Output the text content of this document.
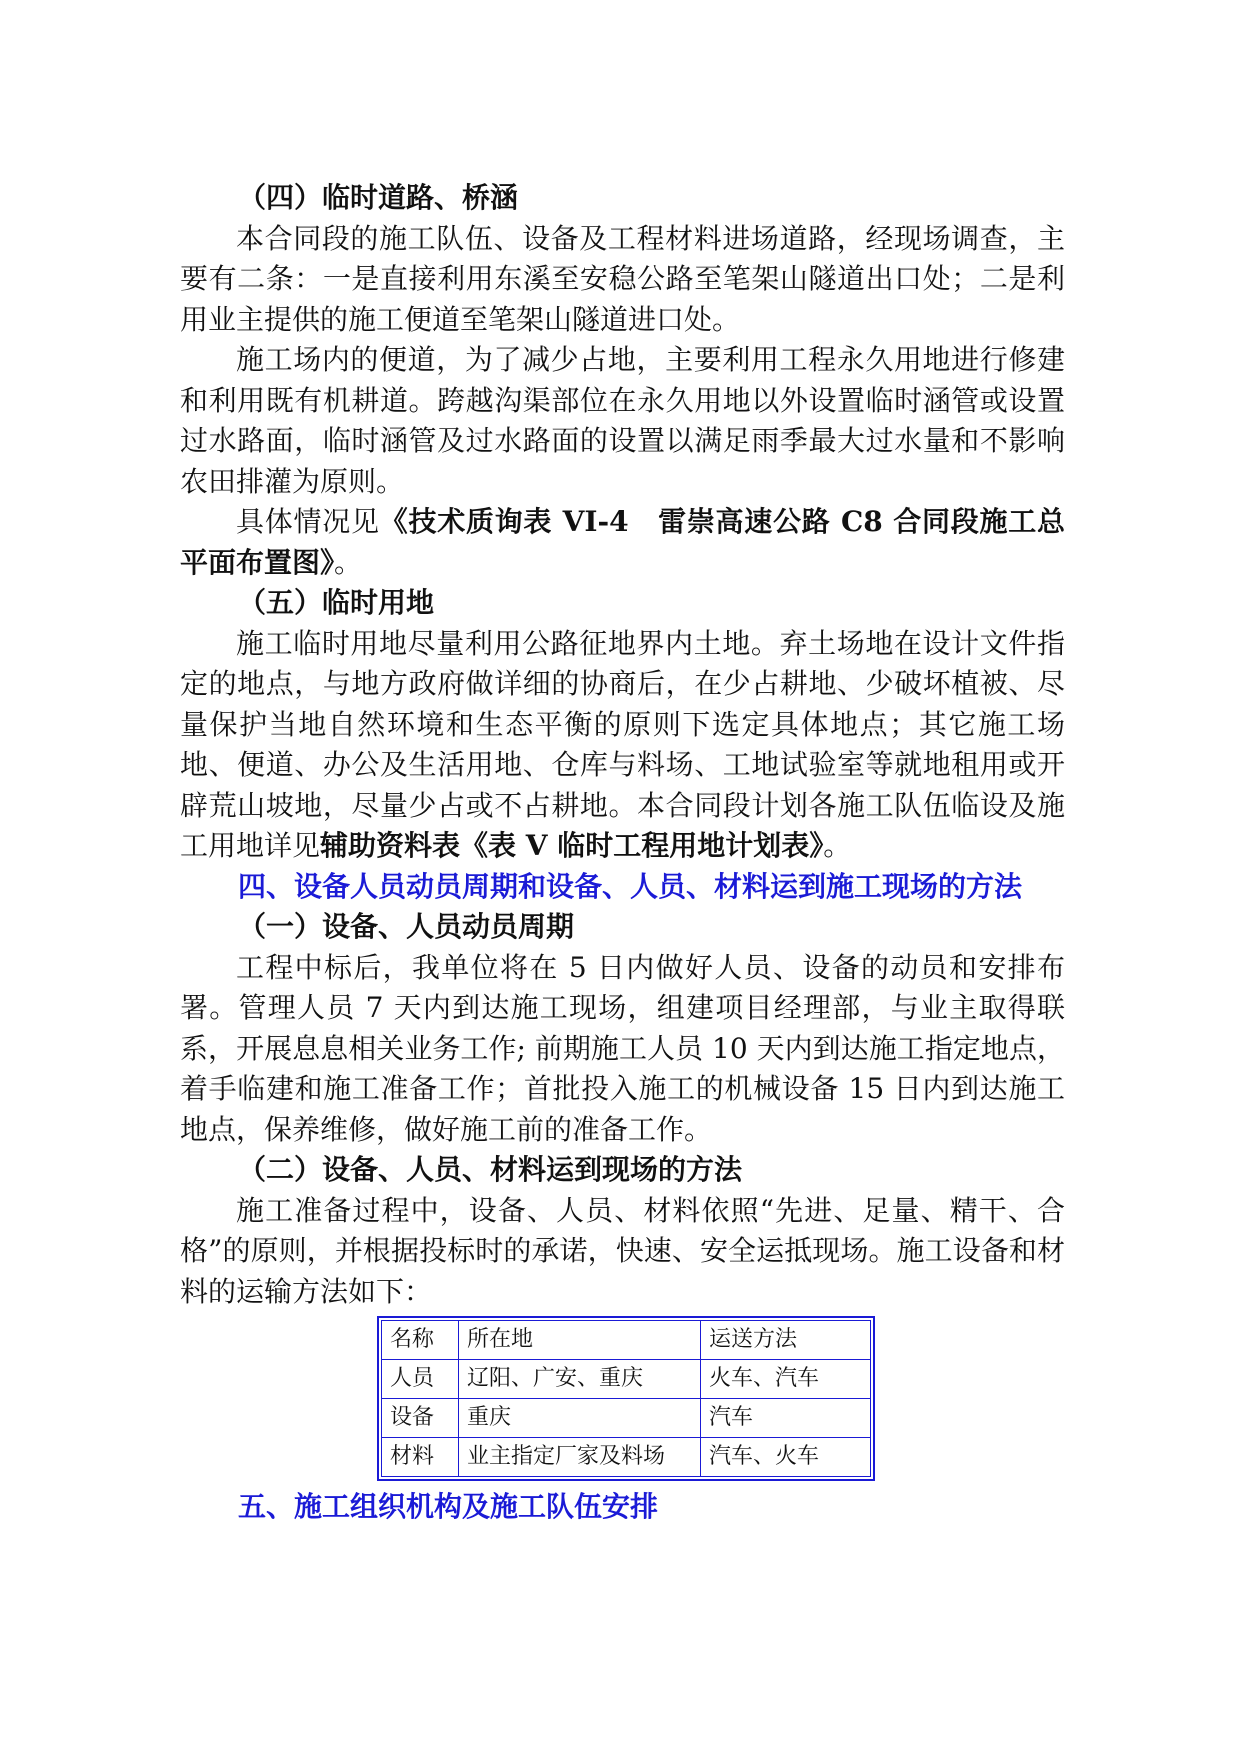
（四）临时道路、桥涵

本合同段的施工队伍、设备及工程材料进场道路，经现场调查，主要有二条：一是直接利用东溪至安稳公路至笔架山隧道出口处；二是利用业主提供的施工便道至笔架山隧道进口处。

施工场内的便道，为了减少占地，主要利用工程永久用地进行修建和利用既有机耕道。跨越沟渠部位在永久用地以外设置临时涵管或设置过水路面，临时涵管及过水路面的设置以满足雨季最大过水量和不影响农田排灌为原则。

具体情况见《技术质询表 VI-4　雷崇高速公路 C8 合同段施工总平面布置图》。

（五）临时用地

施工临时用地尽量利用公路征地界内土地。弃土场地在设计文件指定的地点，与地方政府做详细的协商后，在少占耕地、少破坏植被、尽量保护当地自然环境和生态平衡的原则下选定具体地点；其它施工场地、便道、办公及生活用地、仓库与料场、工地试验室等就地租用或开辟荒山坡地，尽量少占或不占耕地。本合同段计划各施工队伍临设及施工用地详见辅助资料表《表 V 临时工程用地计划表》。

四、设备人员动员周期和设备、人员、材料运到施工现场的方法

（一）设备、人员动员周期

工程中标后，我单位将在 5 日内做好人员、设备的动员和安排布署。管理人员 7 天内到达施工现场，组建项目经理部，与业主取得联系，开展息息相关业务工作; 前期施工人员 10 天内到达施工指定地点，着手临建和施工准备工作；首批投入施工的机械设备 15 日内到达施工地点，保养维修，做好施工前的准备工作。

（二）设备、人员、材料运到现场的方法

施工准备过程中，设备、人员、材料依照“先进、足量、精干、合格”的原则，并根据投标时的承诺，快速、安全运抵现场。施工设备和材料的运输方法如下：

名称	所在地	运送方法
人员	辽阳、广安、重庆	火车、汽车
设备	重庆	汽车
材料	业主指定厂家及料场	汽车、火车

五、施工组织机构及施工队伍安排
